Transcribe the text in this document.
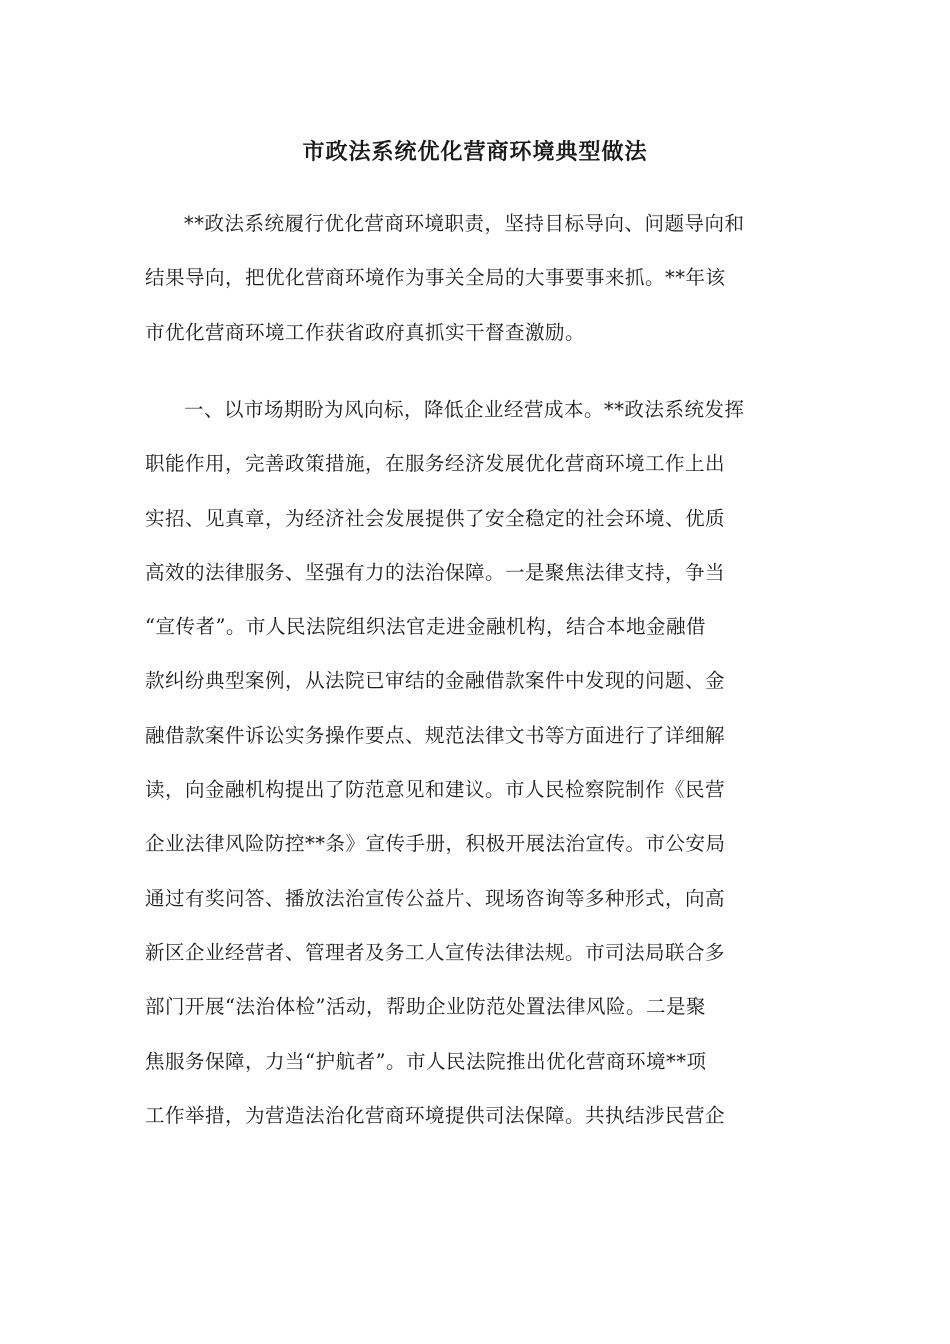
市政法系统优化营商环境典型做法
**政法系统履行优化营商环境职责，坚持目标导向、问题导向和
结果导向，把优化营商环境作为事关全局的大事要事来抓。**年该
市优化营商环境工作获省政府真抓实干督查激励。
一、以市场期盼为风向标，降低企业经营成本。**政法系统发挥
职能作用，完善政策措施，在服务经济发展优化营商环境工作上出
实招、见真章，为经济社会发展提供了安全稳定的社会环境、优质
高效的法律服务、坚强有力的法治保障。一是聚焦法律支持，争当
“宣传者”。市人民法院组织法官走进金融机构，结合本地金融借
款纠纷典型案例，从法院已审结的金融借款案件中发现的问题、金
融借款案件诉讼实务操作要点、规范法律文书等方面进行了详细解
读，向金融机构提出了防范意见和建议。市人民检察院制作《民营
企业法律风险防控**条》宣传手册，积极开展法治宣传。市公安局
通过有奖问答、播放法治宣传公益片、现场咨询等多种形式，向高
新区企业经营者、管理者及务工人宣传法律法规。市司法局联合多
部门开展“法治体检”活动，帮助企业防范处置法律风险。二是聚
焦服务保障，力当“护航者”。市人民法院推出优化营商环境**项
工作举措，为营造法治化营商环境提供司法保障。共执结涉民营企
